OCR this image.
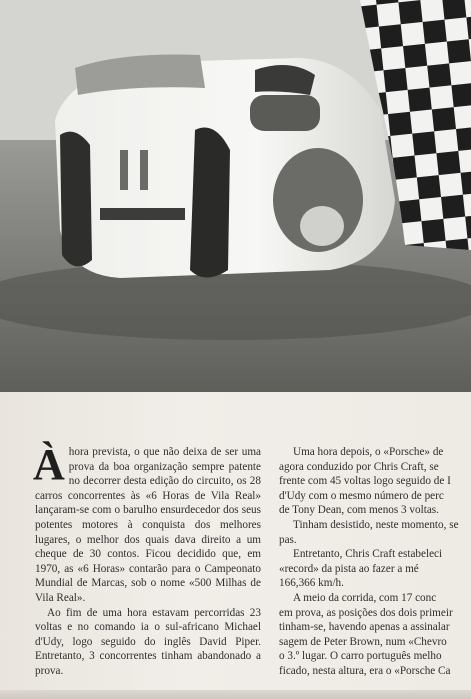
Àhora prevista, o que não deixa de ser uma prova da boa organização sempre patente no decorrer desta edição do circuito, os 28 carros concorrentes às «6 Horas de Vila Real» lançaram-se com o barulho ensurdecedor dos seus potentes motores à conquista dos melhores lugares, o melhor dos quais dava direito a um cheque de 30 contos. Ficou decidido que, em 1970, as «6 Horas» contarão para o Campeonato Mundial de Marcas, sob o nome «500 Milhas de Vila Real».

Ao fim de uma hora estavam percorridas 23 voltas e no comando ia o sul-africano Michael d'Udy, logo seguido do inglês David Piper. Entretanto, 3 concorrentes tinham abandonado a prova.

Uma hora depois, o «Porsche» de
agora conduzido por Chris Craft, se
frente com 45 voltas logo seguido de I
d'Udy com o mesmo número de perc
de Tony Dean, com menos 3 voltas.
Tinham desistido, neste momento, se
pas.
Entretanto, Chris Craft estabeleci
«record» da pista ao fazer a mé
166,366 km/h.
A meio da corrida, com 17 conc
em prova, as posições dos dois primeir
tinham-se, havendo apenas a assinalar
sagem de Peter Brown, num «Chevro
o 3.º lugar. O carro português melho
ficado, nesta altura, era o «Porsche Ca
